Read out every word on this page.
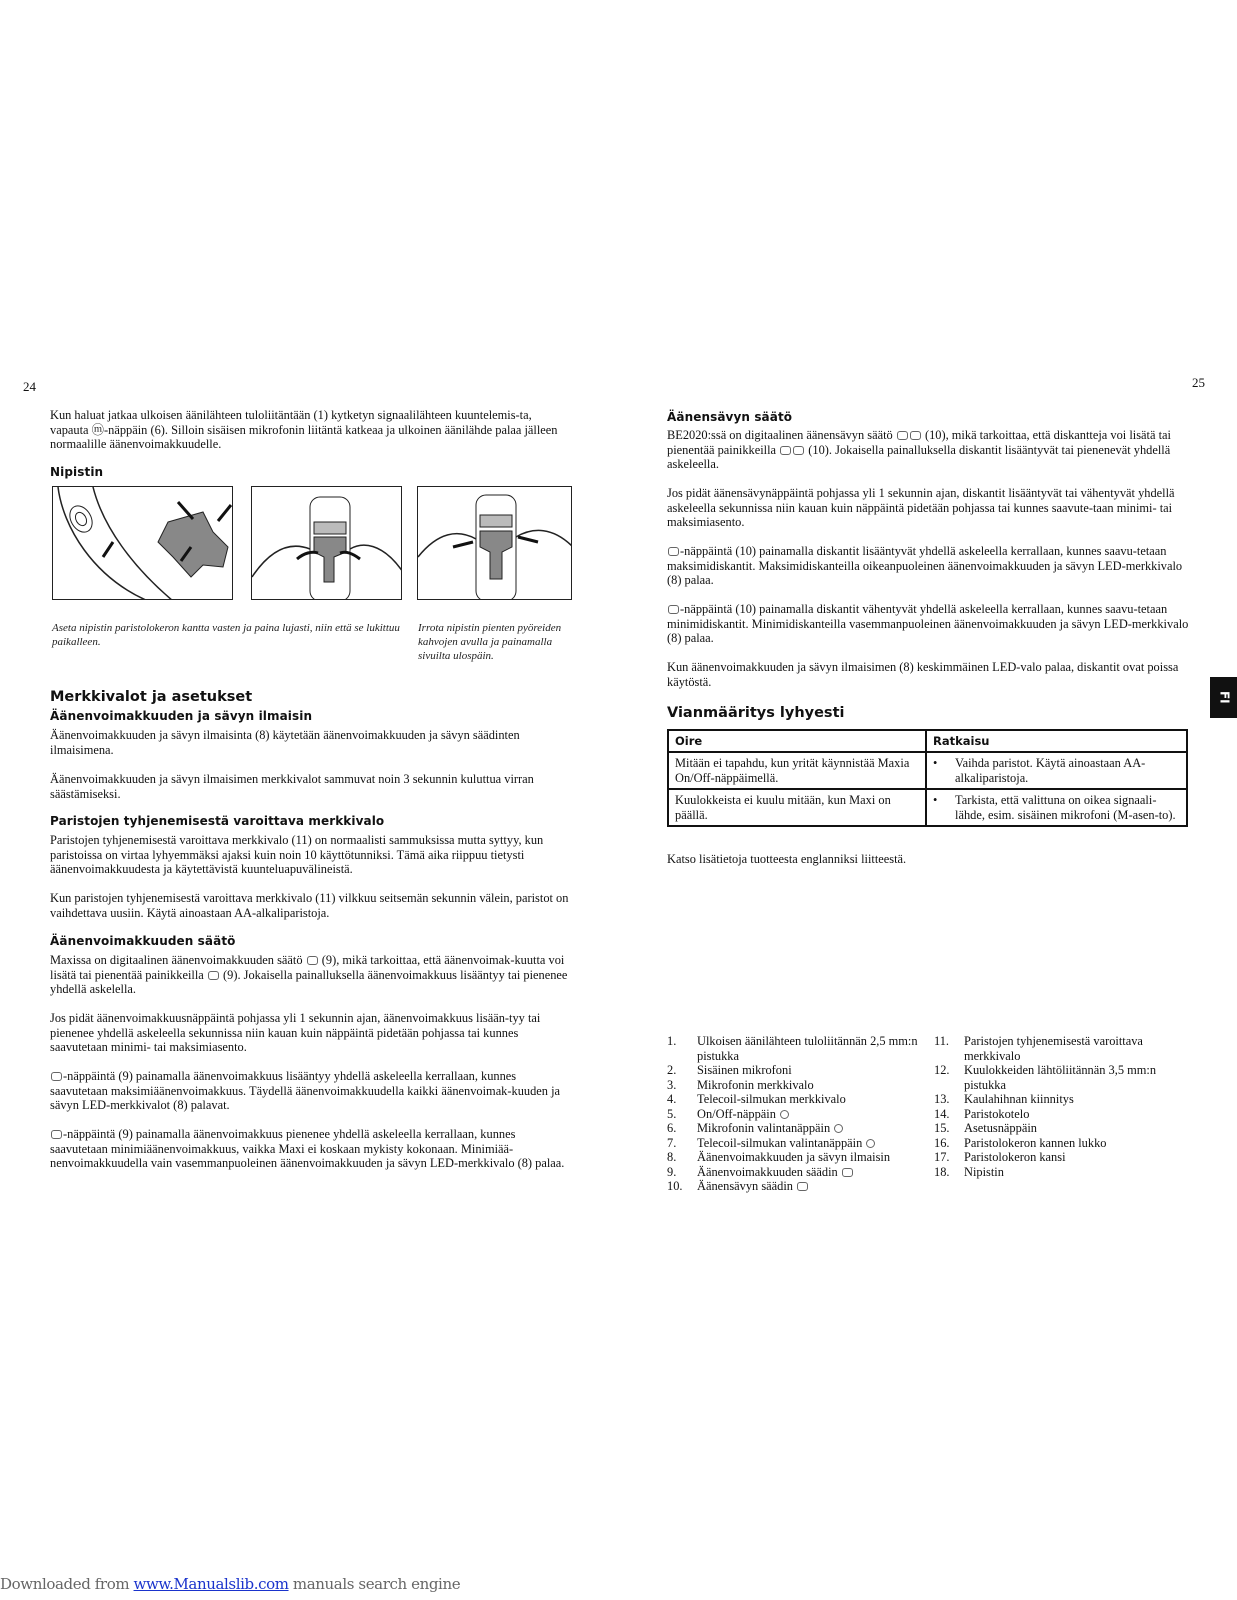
24	25

Kun haluat jatkaa ulkoisen äänilähteen tuloliitäntään (1) kytketyn signaalilähteen kuuntelemis-ta, vapauta ⓜ-näppäin (6). Silloin sisäisen mikrofonin liitäntä katkeaa ja ulkoinen äänilähde palaa jälleen normaalille äänenvoimakkuudelle.

Nipistin
Aseta nipistin paristolokeron kantta vasten ja paina lujasti, niin että se lukittuu paikalleen.
Irrota nipistin pienten pyöreiden kahvojen avulla ja painamalla sivuilta ulospäin.
Merkkivalot ja asetukset
Äänenvoimakkuuden ja sävyn ilmaisin

Äänenvoimakkuuden ja sävyn ilmaisinta (8) käytetään äänenvoimakkuuden ja sävyn säädinten ilmaisimena.

Äänenvoimakkuuden ja sävyn ilmaisimen merkkivalot sammuvat noin 3 sekunnin kuluttua virran säästämiseksi.

Paristojen tyhjenemisestä varoittava merkkivalo

Paristojen tyhjenemisestä varoittava merkkivalo (11) on normaalisti sammuksissa mutta syttyy, kun paristoissa on virtaa lyhyemmäksi ajaksi kuin noin 10 käyttötunniksi. Tämä aika riippuu tietysti äänenvoimakkuudesta ja käytettävistä kuunteluapuvälineistä.

Kun paristojen tyhjenemisestä varoittava merkkivalo (11) vilkkuu seitsemän sekunnin välein, paristot on vaihdettava uusiin. Käytä ainoastaan AA-alkaliparistoja.

Äänenvoimakkuuden säätö

Maxissa on digitaalinen äänenvoimakkuuden säätö (9), mikä tarkoittaa, että äänenvoimak-kuutta voi lisätä tai pienentää painikkeilla (9). Jokaisella painalluksella äänenvoimakkuus lisääntyy tai pienenee yhdellä askelella.

Jos pidät äänenvoimakkuusnäppäintä pohjassa yli 1 sekunnin ajan, äänenvoimakkuus lisään-tyy tai pienenee yhdellä askeleella sekunnissa niin kauan kuin näppäintä pidetään pohjassa tai kunnes saavutetaan minimi- tai maksimiasento.

-näppäintä (9) painamalla äänenvoimakkuus lisääntyy yhdellä askeleella kerrallaan, kunnes saavutetaan maksimiäänenvoimakkuus. Täydellä äänenvoimakkuudella kaikki äänenvoimak-kuuden ja sävyn LED-merkkivalot (8) palavat.

-näppäintä (9) painamalla äänenvoimakkuus pienenee yhdellä askeleella kerrallaan, kunnes saavutetaan minimiäänenvoimakkuus, vaikka Maxi ei koskaan mykisty kokonaan. Minimiää-nenvoimakkuudella vain vasemmanpuoleinen äänenvoimakkuuden ja sävyn LED-merkkivalo (8) palaa.

Äänensävyn säätö

BE2020:ssä on digitaalinen äänensävyn säätö	(10), mikä tarkoittaa, että diskantteja voi lisätä tai pienentää painikkeilla	(10). Jokaisella painalluksella diskantit lisääntyvät tai pienenevät yhdellä askeleella.

Jos pidät äänensävynäppäintä pohjassa yli 1 sekunnin ajan, diskantit lisääntyvät tai vähentyvät yhdellä askeleella sekunnissa niin kauan kuin näppäintä pidetään pohjassa tai kunnes saavute-taan minimi- tai maksimiasento.

-näppäintä (10) painamalla diskantit lisääntyvät yhdellä askeleella kerrallaan, kunnes saavu-tetaan maksimidiskantit. Maksimidiskanteilla oikeanpuoleinen äänenvoimakkuuden ja sävyn LED-merkkivalo (8) palaa.

-näppäintä (10) painamalla diskantit vähentyvät yhdellä askeleella kerrallaan, kunnes saavu-tetaan minimidiskantit. Minimidiskanteilla vasemmanpuoleinen äänenvoimakkuuden ja sävyn LED-merkkivalo (8) palaa.

Kun äänenvoimakkuuden ja sävyn ilmaisimen (8) keskimmäinen LED-valo palaa, diskantit ovat poissa käytöstä.

Vianmääritys lyhyesti
Oire	Ratkaisu
Mitään ei tapahdu, kun yrität käynnistää Maxia On/Off-näppäimellä.	• Vaihda paristot. Käytä ainoastaan AA-alkaliparistoja.

Kuulokkeista ei kuulu mitään, kun Maxi on päällä.	• Tarkista, että valittuna on oikea signaali-lähde, esim. sisäinen mikrofoni (M-asen-to).

Katso lisätietoja tuotteesta englanniksi liitteestä.

1.	Ulkoisen äänilähteen tuloliitännän 2,5 mm:n pistukka
2.	Sisäinen mikrofoni
3.	Mikrofonin merkkivalo
4.	Telecoil-silmukan merkkivalo
5.	On/Off-näppäin
6.	Mikrofonin valintanäppäin
7.	Telecoil-silmukan valintanäppäin
8.	Äänenvoimakkuuden ja sävyn ilmaisin
9.	Äänenvoimakkuuden säädin
10.	Äänensävyn säädin
11.	Paristojen tyhjenemisestä varoittava merkkivalo
12.	Kuulokkeiden lähtöliitännän 3,5 mm:n pistukka
13.	Kaulahihnan kiinnitys
14.	Paristokotelo
15.	Asetusnäppäin
16.	Paristolokeron kannen lukko
17.	Paristolokeron kansi
18.	Nipistin
FI
Downloaded from www.Manualslib.com manuals search engine
